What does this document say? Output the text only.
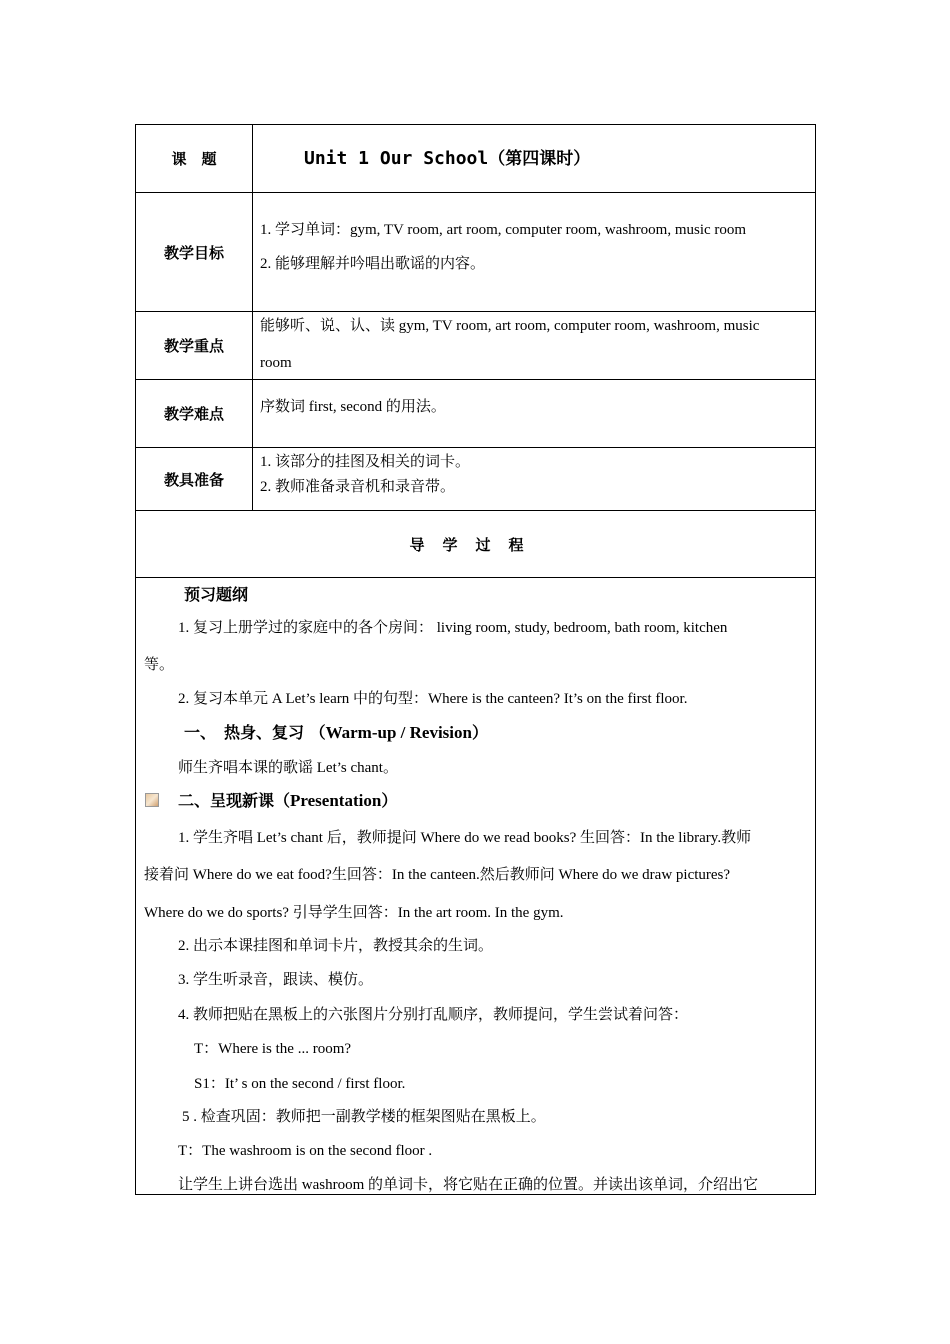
课　题	Unit 1 Our School（第四课时）
教学目标
1. 学习单词：gym, TV room, art room, computer room, washroom, music room
2. 能够理解并吟唱出歌谣的内容。
教学重点
能够听、说、认、读 gym, TV room, art room, computer room, washroom, music
room
教学难点	序数词 first, second 的用法。
教具准备
1. 该部分的挂图及相关的词卡。
2. 教师准备录音机和录音带。
导学过程
预习题纲
1. 复习上册学过的家庭中的各个房间： living room, study, bedroom, bath room, kitchen
等。
2. 复习本单元 A Let’s learn 中的句型：Where is the canteen? It’s on the first floor.
一、　热身、复习 （Warm-up / Revision）
师生齐唱本课的歌谣 Let’s chant。
二、呈现新课（Presentation）
1. 学生齐唱 Let’s chant 后，教师提问 Where do we read books? 生回答：In the library.教师
接着问 Where do we eat food?生回答：In the canteen.然后教师问 Where do we draw pictures?
Where do we do sports? 引导学生回答：In the art room. In the gym.
2. 出示本课挂图和单词卡片，教授其余的生词。
3. 学生听录音，跟读、模仿。
4. 教师把贴在黑板上的六张图片分别打乱顺序，教师提问，学生尝试着问答：
T：Where is the ... room?
S1：It’ s on the second / first floor.
5 . 检查巩固：教师把一副教学楼的框架图贴在黑板上。
T：The washroom is on the second floor .
让学生上讲台选出 washroom 的单词卡，将它贴在正确的位置。并读出该单词，介绍出它
